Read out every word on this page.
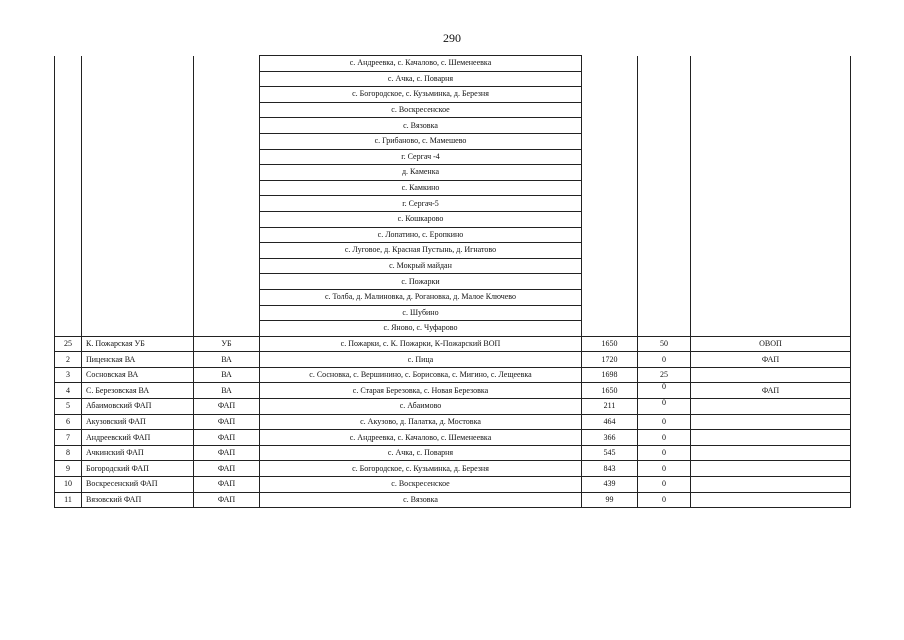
290
			с. Андреевка, с. Качалово, с. Шеменеевка			
			с. Ачка, с. Поварня			
			с. Богородское, с. Кузьминка, д. Березня			
			с. Воскресенское			
			с. Вязовка			
			с. Грибаново, с. Мамешево			
			г. Сергач -4			
			д. Каменка			
			с. Камкино			
			г. Сергач-5			
			с. Кошкарово			
			с. Лопатино, с. Еропкино			
			с. Луговое, д. Красная Пустынь, д. Игнатово			
			с. Мокрый майдан			
			с. Пожарки			
			с. Толба, д. Малиновка, д. Рогановка, д. Малое Ключево			
			с. Шубино			
			с. Яново, с. Чуфарово			
25	К. Пожарская УБ	УБ	с. Пожарки, с. К. Пожарки, К-Пожарский ВОП	1650	50	ОВОП
2	Пиценская ВА	ВА	с. Пица	1720	0	ФАП
3	Сосновская ВА	ВА	с. Сосновка, с. Вершинино, с. Борисовка, с. Мигино, с. Лещеевка	1698	25	
4	С. Березовская ВА	ВА	с. Старая Березовка, с. Новая Березовка	1650	0	ФАП
5	Абаимовский ФАП	ФАП	с. Абаимово	211	0	
6	Акузовский ФАП	ФАП	с. Акузово, д. Палатка, д. Мостовка	464	0	
7	Андреевский ФАП	ФАП	с. Андреевка, с. Качалово, с. Шеменеевка	366	0	
8	Ачкинский ФАП	ФАП	с. Ачка, с. Поварня	545	0	
9	Богородский ФАП	ФАП	с. Богородское, с. Кузьминка, д. Березня	843	0	
10	Воскресенский ФАП	ФАП	с. Воскресенское	439	0	
11	Вязовский ФАП	ФАП	с. Вязовка	99	0	
